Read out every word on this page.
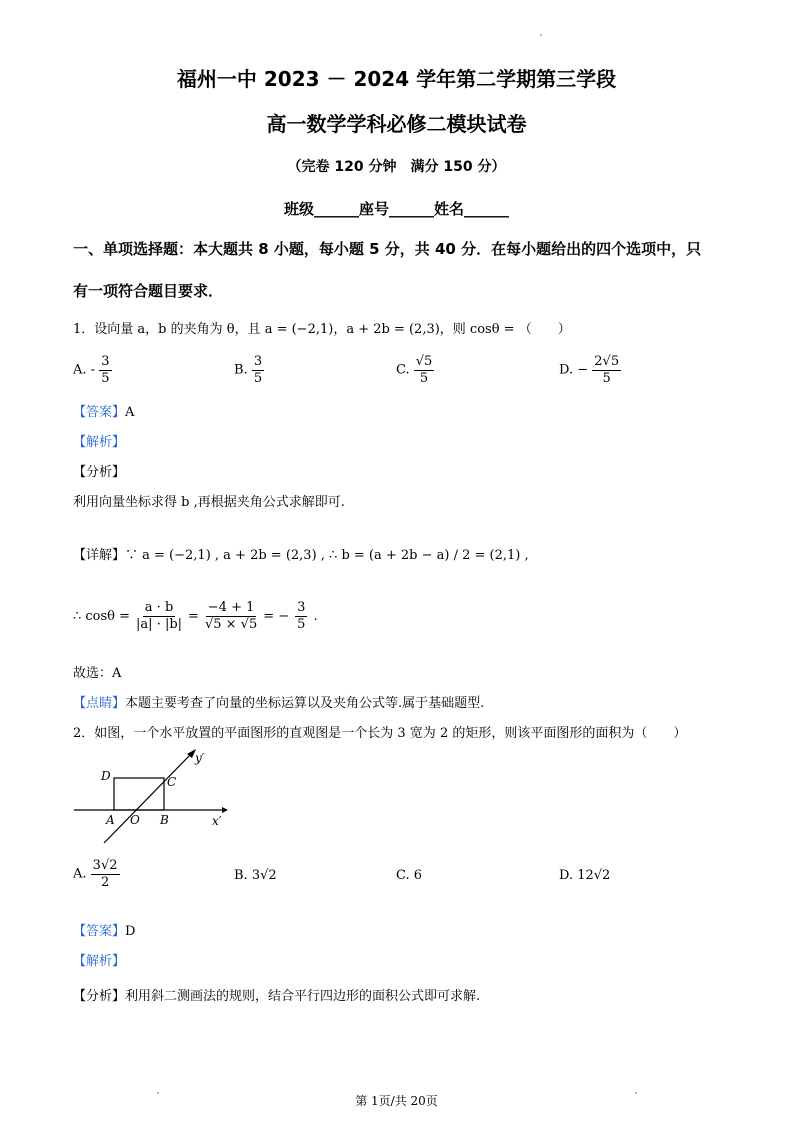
福州一中 2023 － 2024 学年第二学期第三学段
高一数学学科必修二模块试卷
（完卷 120 分钟　满分 150 分）
班级______座号______姓名______
一、单项选择题：本大题共 8 小题，每小题 5 分，共 40 分．在每小题给出的四个选项中，只
有一项符合题目要求．
1．设向量 a，b 的夹角为 θ，且 a = (−2,1)，a + 2b = (2,3)，则 cosθ = （　　）
A. - $\frac{3}{5}$	B. $\frac{3}{5}$	C. $\frac{√5}{5}$	D. − $\frac{2√5}{5}$
【答案】A
【解析】
【分析】
利用向量坐标求得 b ,再根据夹角公式求解即可.
【详解】∵ a = (−2,1) , a + 2b = (2,3) , ∴ b = (a + 2b − a) / 2 = (2,1) ,
∴ $\cos\theta = \frac{a \cdot b}{|a| \cdot |b|} = \frac{-4 + 1}{√5 \times √5}$ = − $\frac{3}{5}$ .
故选：A
【点睛】本题主要考查了向量的坐标运算以及夹角公式等.属于基础题型.
2．如图，一个水平放置的平面图形的直观图是一个长为 3 宽为 2 的矩形，则该平面图形的面积为（　　）
D	C
A O B	x′
y′
A. $\frac{3√2}{2}$	B. 3√2	C. 6	D. 12√2
【答案】D
【解析】
【分析】利用斜二测画法的规则，结合平行四边形的面积公式即可求解.
第 1页/共 20页
